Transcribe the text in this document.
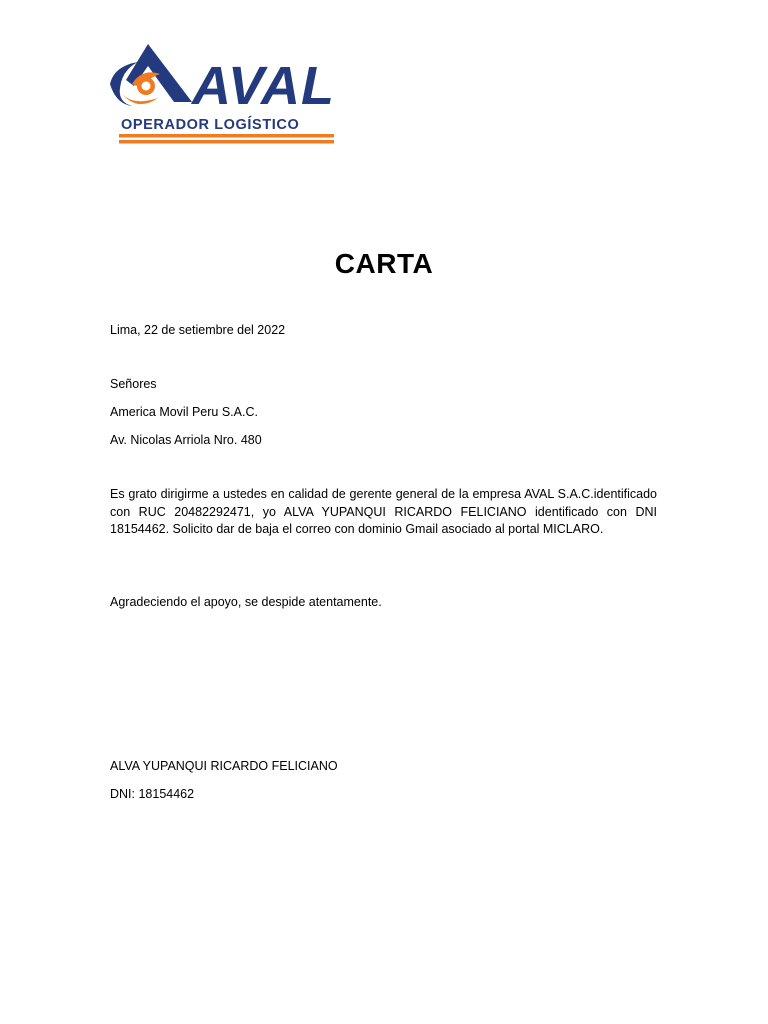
AVAL
OPERADOR LOGÍSTICO
CARTA
Lima, 22 de setiembre del 2022
Señores
America Movil Peru S.A.C.
Av. Nicolas Arriola Nro. 480
Es grato dirigirme a ustedes en calidad de gerente general de la empresa AVAL S.A.C.identificado con RUC 20482292471, yo ALVA YUPANQUI RICARDO FELICIANO identificado con DNI 18154462. Solicito dar de baja el correo con dominio Gmail asociado al portal MICLARO.
Agradeciendo el apoyo, se despide atentamente.
ALVA YUPANQUI RICARDO FELICIANO
DNI: 18154462
